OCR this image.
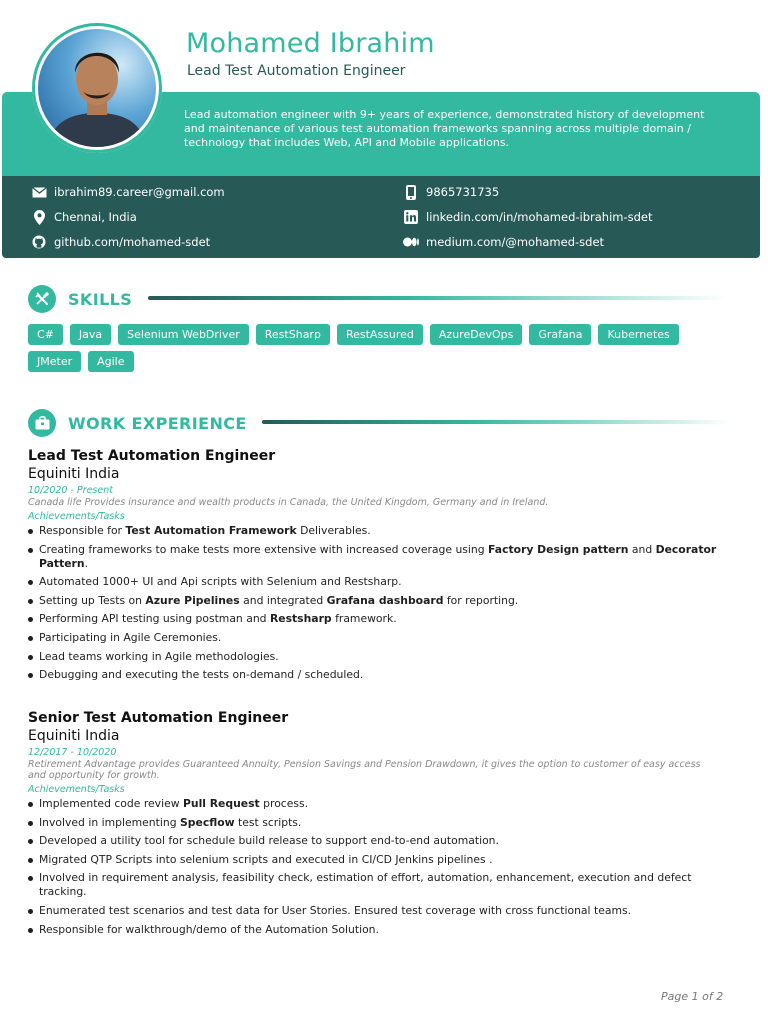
Mohamed Ibrahim
Lead Test Automation Engineer
Lead automation engineer with 9+ years of experience, demonstrated history of development and maintenance of various test automation frameworks spanning across multiple domain / technology that includes Web, API and Mobile applications.
ibrahim89.career@gmail.com	9865731735
Chennai, India	linkedin.com/in/mohamed-ibrahim-sdet
github.com/mohamed-sdet	medium.com/@mohamed-sdet
SKILLS
C#	Java	Selenium WebDriver	RestSharp	RestAssured	AzureDevOps	Grafana	Kubernetes
JMeter	Agile
WORK EXPERIENCE
Lead Test Automation Engineer
Equiniti India
10/2020 - Present
Canada life Provides insurance and wealth products in Canada, the United Kingdom, Germany and in Ireland.
Achievements/Tasks
Responsible for Test Automation Framework Deliverables.
Creating frameworks to make tests more extensive with increased coverage using Factory Design pattern and Decorator Pattern.
Automated 1000+ UI and Api scripts with Selenium and Restsharp.
Setting up Tests on Azure Pipelines and integrated Grafana dashboard for reporting.
Performing API testing using postman and Restsharp framework.
Participating in Agile Ceremonies.
Lead teams working in Agile methodologies.
Debugging and executing the tests on-demand / scheduled.
Senior Test Automation Engineer
Equiniti India
12/2017 - 10/2020
Retirement Advantage provides Guaranteed Annuity, Pension Savings and Pension Drawdown, it gives the option to customer of easy access and opportunity for growth.
Achievements/Tasks
Implemented code review Pull Request process.
Involved in implementing Specflow test scripts.
Developed a utility tool for schedule build release to support end-to-end automation.
Migrated QTP Scripts into selenium scripts and executed in CI/CD Jenkins pipelines .
Involved in requirement analysis, feasibility check, estimation of effort, automation, enhancement, execution and defect tracking.
Enumerated test scenarios and test data for User Stories. Ensured test coverage with cross functional teams.
Responsible for walkthrough/demo of the Automation Solution.
Page 1 of 2
